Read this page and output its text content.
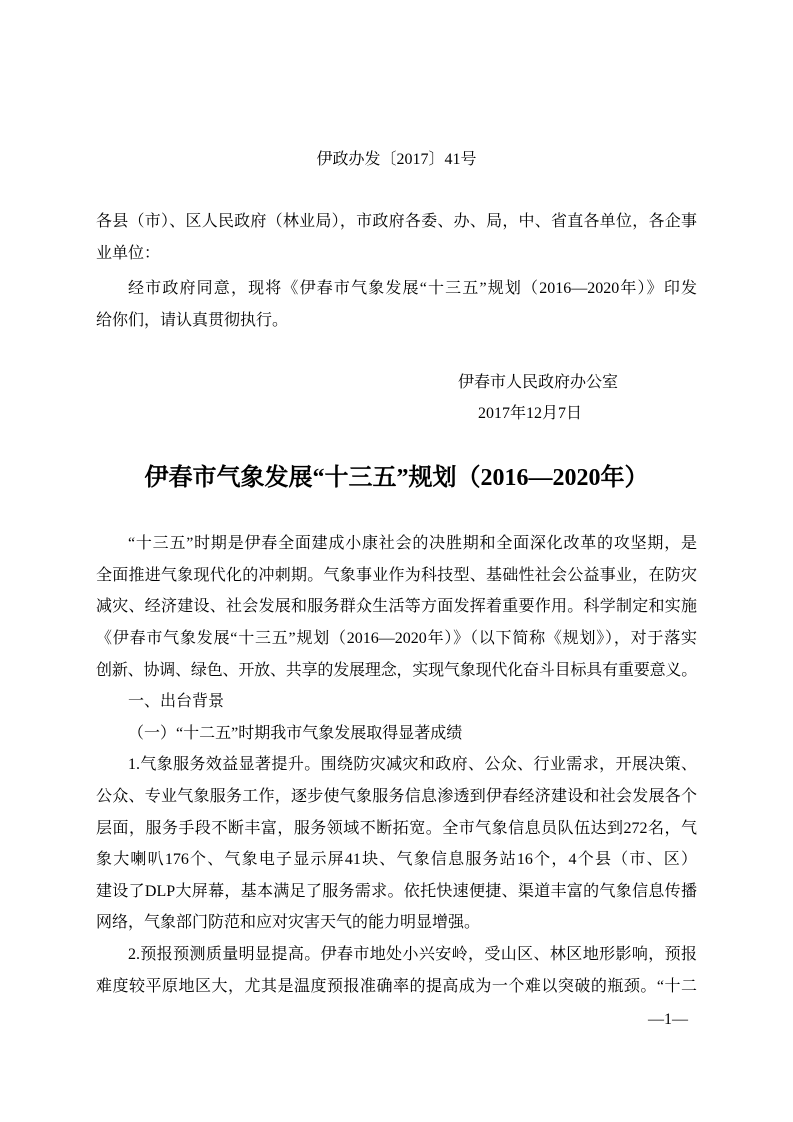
伊政办发〔2017〕41号
各县（市）、区人民政府（林业局），市政府各委、办、局，中、省直各单位，各企事
业单位：
经市政府同意，现将《伊春市气象发展“十三五”规划（2016—2020年）》印发
给你们，请认真贯彻执行。
伊春市人民政府办公室
2017年12月7日
伊春市气象发展“十三五”规划（2016—2020年）
“十三五”时期是伊春全面建成小康社会的决胜期和全面深化改革的攻坚期，是
全面推进气象现代化的冲刺期。气象事业作为科技型、基础性社会公益事业，在防灾
减灾、经济建设、社会发展和服务群众生活等方面发挥着重要作用。科学制定和实施
《伊春市气象发展“十三五”规划（2016—2020年）》（以下简称《规划》），对于落实
创新、协调、绿色、开放、共享的发展理念，实现气象现代化奋斗目标具有重要意义。
一、出台背景
（一）“十二五”时期我市气象发展取得显著成绩
1.气象服务效益显著提升。围绕防灾减灾和政府、公众、行业需求，开展决策、
公众、专业气象服务工作，逐步使气象服务信息渗透到伊春经济建设和社会发展各个
层面，服务手段不断丰富，服务领域不断拓宽。全市气象信息员队伍达到272名，气
象大喇叭176个、气象电子显示屏41块、气象信息服务站16个，4个县（市、区）
建设了DLP大屏幕，基本满足了服务需求。依托快速便捷、渠道丰富的气象信息传播
网络，气象部门防范和应对灾害天气的能力明显增强。
2.预报预测质量明显提高。伊春市地处小兴安岭，受山区、林区地形影响，预报
难度较平原地区大，尤其是温度预报准确率的提高成为一个难以突破的瓶颈。“十二
—1—
